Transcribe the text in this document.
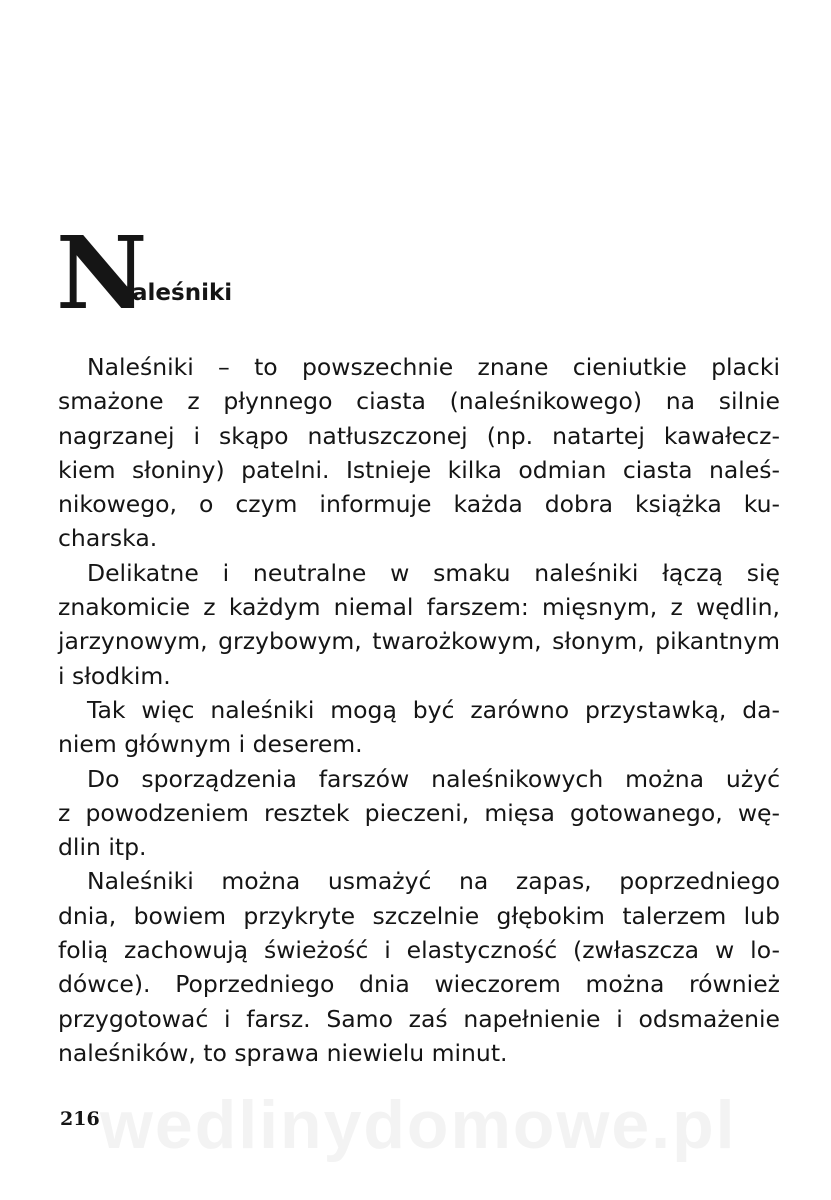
wedlinydomowe.pl
N
aleśniki
Naleśniki – to powszechnie znane cieniutkie placki
smażone z płynnego ciasta (naleśnikowego) na silnie
nagrzanej i skąpo natłuszczonej (np. natartej kawałecz-
kiem słoniny) patelni. Istnieje kilka odmian ciasta naleś-
nikowego, o czym informuje każda dobra książka ku-
charska.
Delikatne i neutralne w smaku naleśniki łączą się
znakomicie z każdym niemal farszem: mięsnym, z wędlin,
jarzynowym, grzybowym, twarożkowym, słonym, pikantnym
i słodkim.
Tak więc naleśniki mogą być zarówno przystawką, da-
niem głównym i deserem.
Do sporządzenia farszów naleśnikowych można użyć
z powodzeniem resztek pieczeni, mięsa gotowanego, wę-
dlin itp.
Naleśniki można usmażyć na zapas, poprzedniego
dnia, bowiem przykryte szczelnie głębokim talerzem lub
folią zachowują świeżość i elastyczność (zwłaszcza w lo-
dówce). Poprzedniego dnia wieczorem można również
przygotować i farsz. Samo zaś napełnienie i odsmażenie
naleśników, to sprawa niewielu minut.
216
